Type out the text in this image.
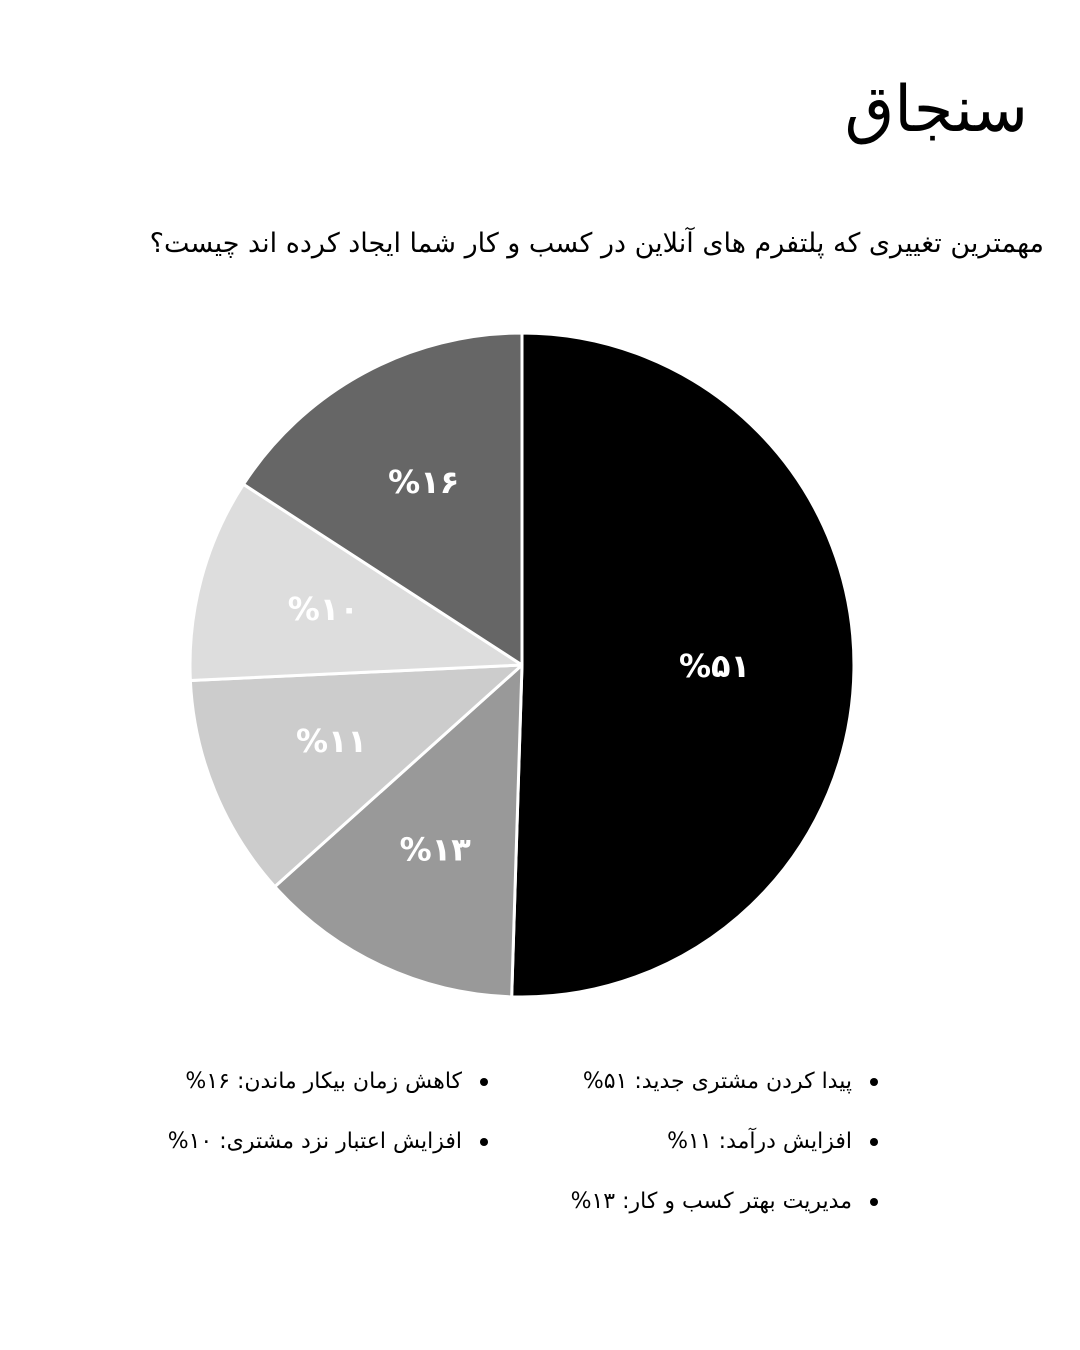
سنجاق
مهمترین تغییری که پلتفرم های آنلاین در کسب و کار شما ایجاد کرده اند چیست؟
%۵۱
%۱۳
%۱۱
%۱۰
%۱۶
پیدا کردن مشتری جدید: ۵۱%
افزایش درآمد: ۱۱%
مدیریت بهتر کسب و کار: ۱۳%
کاهش زمان بیکار ماندن: ۱۶%
افزایش اعتبار نزد مشتری: ۱۰%
